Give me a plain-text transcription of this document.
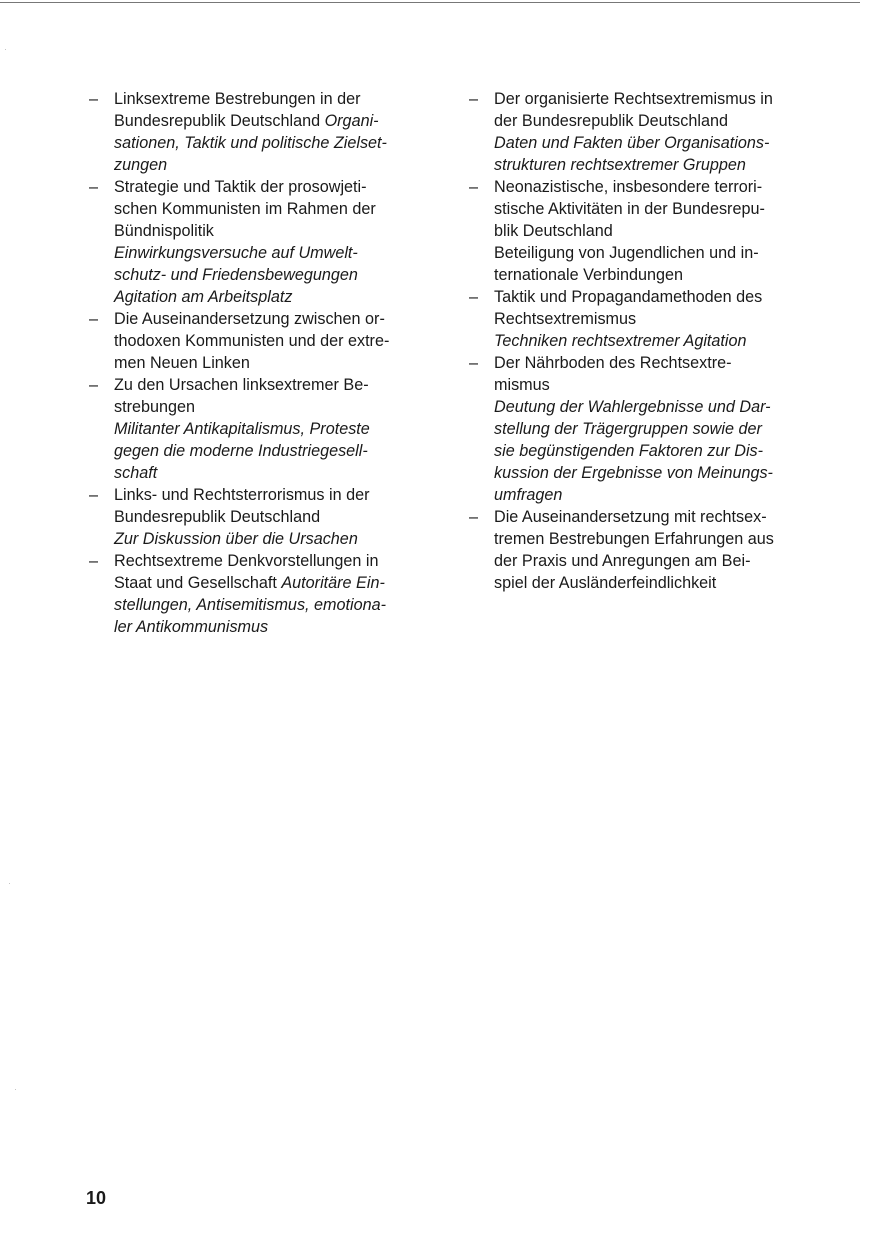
·
·
·
– Linksextreme Bestrebungen in der
Bundesrepublik Deutschland Organi-
sationen, Taktik und politische Zielset-
zungen
– Strategie und Taktik der prosowjeti-
schen Kommunisten im Rahmen der
Bündnispolitik
Einwirkungsversuche auf Umwelt-
schutz- und Friedensbewegungen
Agitation am Arbeitsplatz
– Die Auseinandersetzung zwischen or-
thodoxen Kommunisten und der extre-
men Neuen Linken
– Zu den Ursachen linksextremer Be-
strebungen
Militanter Antikapitalismus, Proteste
gegen die moderne Industriegesell-
schaft
– Links- und Rechtsterrorismus in der
Bundesrepublik Deutschland
Zur Diskussion über die Ursachen
– Rechtsextreme Denkvorstellungen in
Staat und Gesellschaft Autoritäre Ein-
stellungen, Antisemitismus, emotiona-
ler Antikommunismus
– Der organisierte Rechtsextremismus in
der Bundesrepublik Deutschland
Daten und Fakten über Organisations-
strukturen rechtsextremer Gruppen
– Neonazistische, insbesondere terrori-
stische Aktivitäten in der Bundesrepu-
blik Deutschland
Beteiligung von Jugendlichen und in-
ternationale Verbindungen
– Taktik und Propagandamethoden des
Rechtsextremismus
Techniken rechtsextremer Agitation
– Der Nährboden des Rechtsextre-
mismus
Deutung der Wahlergebnisse und Dar-
stellung der Trägergruppen sowie der
sie begünstigenden Faktoren zur Dis-
kussion der Ergebnisse von Meinungs-
umfragen
– Die Auseinandersetzung mit rechtsex-
tremen Bestrebungen Erfahrungen aus
der Praxis und Anregungen am Bei-
spiel der Ausländerfeindlichkeit
10
